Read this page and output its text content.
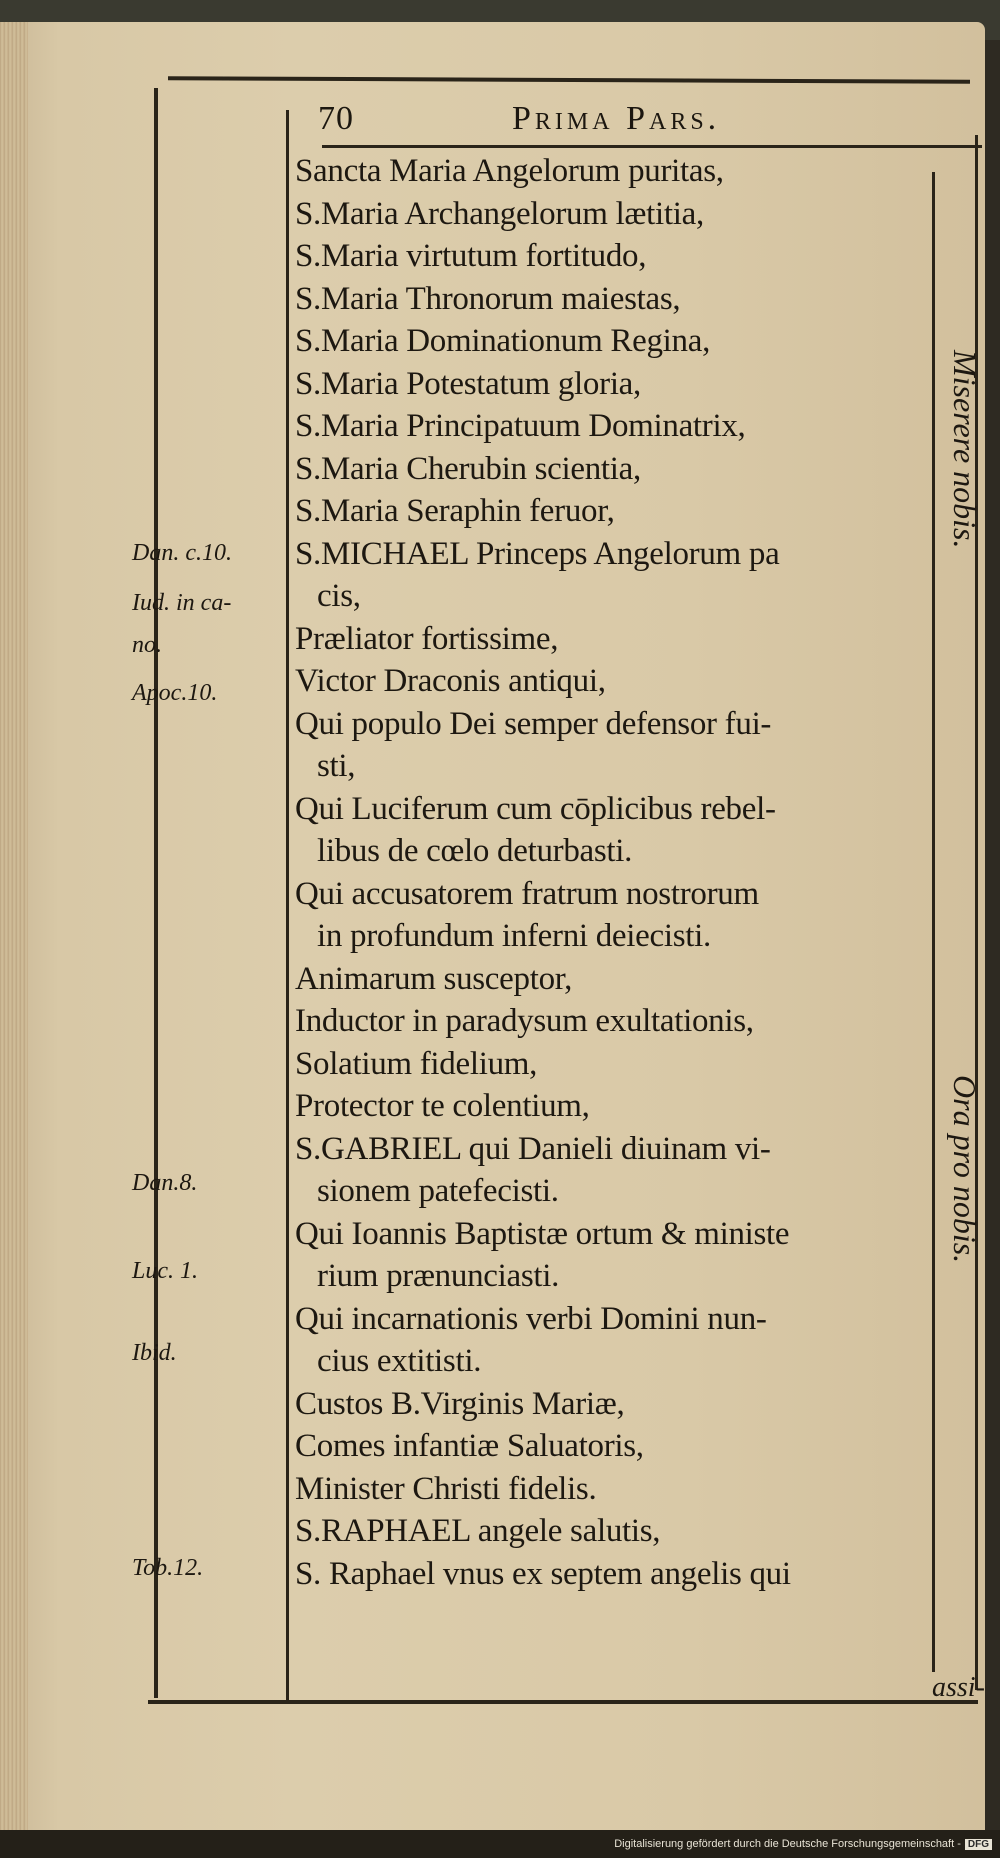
70	Prima Pars.
Sancta Maria Angelorum puritas,
S.Maria Archangelorum lætitia,
S.Maria virtutum fortitudo,
S.Maria Thronorum maiestas,
S.Maria Dominationum Regina,
S.Maria Potestatum gloria,
S.Maria Principatuum Dominatrix,
S.Maria Cherubin scientia,
S.Maria Seraphin feruor,
S.MICHAEL Princeps Angelorum pa
cis,
Præliator fortissime,
Victor Draconis antiqui,
Qui populo Dei semper defensor fui-
sti,
Qui Luciferum cum cōplicibus rebel-
libus de cœlo deturbasti.
Qui accusatorem fratrum nostrorum
in profundum inferni deiecisti.
Animarum susceptor,
Inductor in paradysum exultationis,
Solatium fidelium,
Protector te colentium,
S.GABRIEL qui Danieli diuinam vi-
sionem patefecisti.
Qui Ioannis Baptistæ ortum & ministe
rium prænunciasti.
Qui incarnationis verbi Domini nun-
cius extitisti.
Custos B.Virginis Mariæ,
Comes infantiæ Saluatoris,
Minister Christi fidelis.
S.RAPHAEL angele salutis,
S. Raphael vnus ex septem angelis qui
Dan. c.10.
Iud. in ca-
no.
Apoc.10.
Dan.8.
Luc. 1.
Ibid.
Tob.12.
Miserere nobis.
Ora pro nobis.
assi-
Digitalisierung gefördert durch die Deutsche Forschungsgemeinschaft - DFG
